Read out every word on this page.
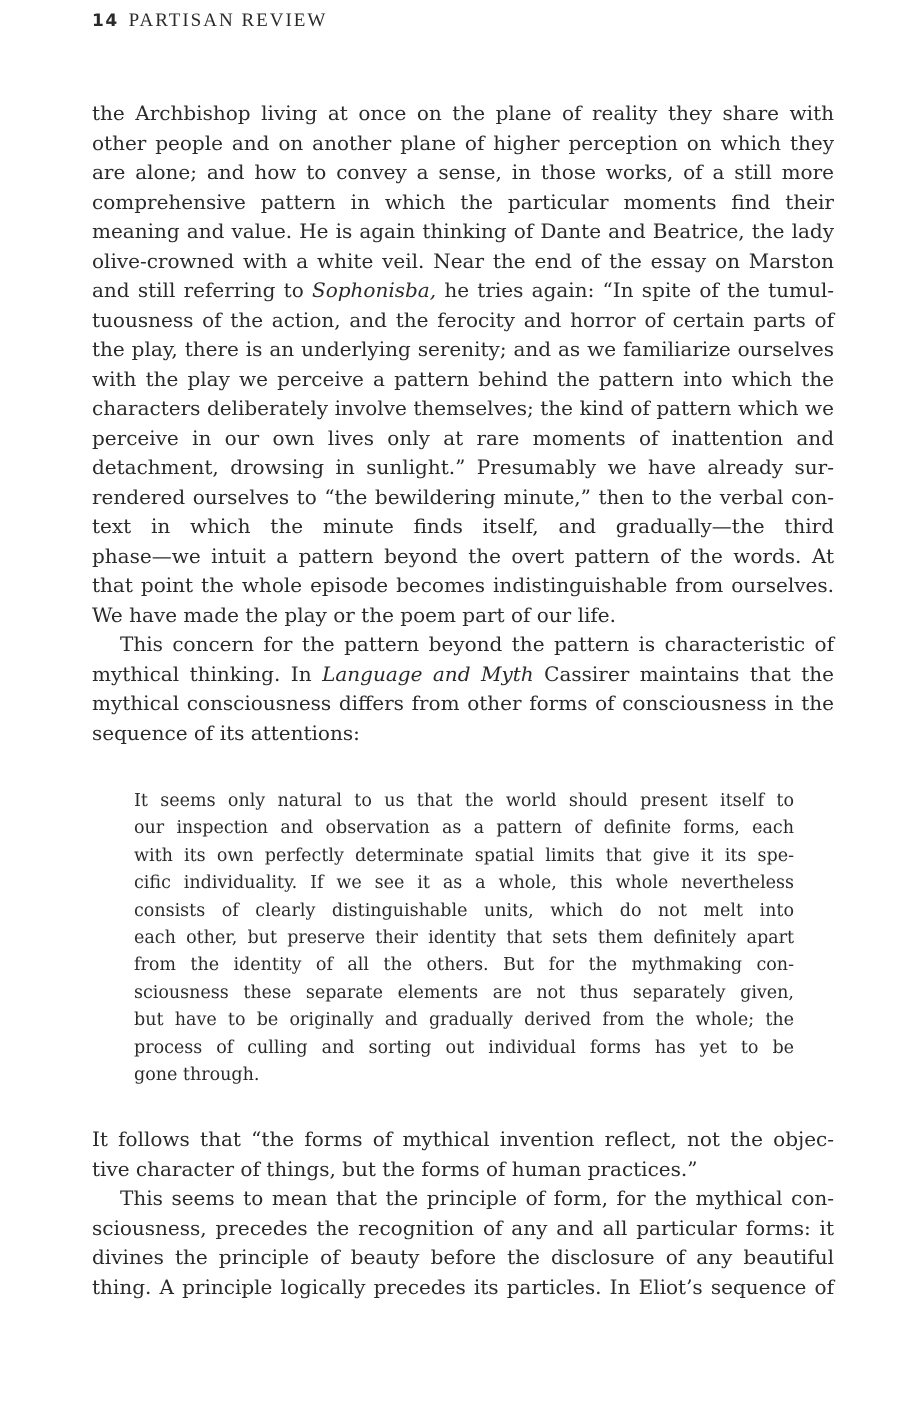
14 PARTISAN REVIEW
the Archbishop living at once on the plane of reality they share with
other people and on another plane of higher perception on which they
are alone; and how to convey a sense, in those works, of a still more
comprehensive pattern in which the particular moments find their
meaning and value. He is again thinking of Dante and Beatrice, the lady
olive-crowned with a white veil. Near the end of the essay on Marston
and still referring to Sophonisba, he tries again: “In spite of the tumul-
tuousness of the action, and the ferocity and horror of certain parts of
the play, there is an underlying serenity; and as we familiarize ourselves
with the play we perceive a pattern behind the pattern into which the
characters deliberately involve themselves; the kind of pattern which we
perceive in our own lives only at rare moments of inattention and
detachment, drowsing in sunlight.” Presumably we have already sur-
rendered ourselves to “the bewildering minute,” then to the verbal con-
text in which the minute finds itself, and gradually—the third
phase—we intuit a pattern beyond the overt pattern of the words. At
that point the whole episode becomes indistinguishable from ourselves.
We have made the play or the poem part of our life.
This concern for the pattern beyond the pattern is characteristic of
mythical thinking. In Language and Myth Cassirer maintains that the
mythical consciousness differs from other forms of consciousness in the
sequence of its attentions:
It seems only natural to us that the world should present itself to
our inspection and observation as a pattern of definite forms, each
with its own perfectly determinate spatial limits that give it its spe-
cific individuality. If we see it as a whole, this whole nevertheless
consists of clearly distinguishable units, which do not melt into
each other, but preserve their identity that sets them definitely apart
from the identity of all the others. But for the mythmaking con-
sciousness these separate elements are not thus separately given,
but have to be originally and gradually derived from the whole; the
process of culling and sorting out individual forms has yet to be
gone through.
It follows that “the forms of mythical invention reflect, not the objec-
tive character of things, but the forms of human practices.”
This seems to mean that the principle of form, for the mythical con-
sciousness, precedes the recognition of any and all particular forms: it
divines the principle of beauty before the disclosure of any beautiful
thing. A principle logically precedes its particles. In Eliot’s sequence of
